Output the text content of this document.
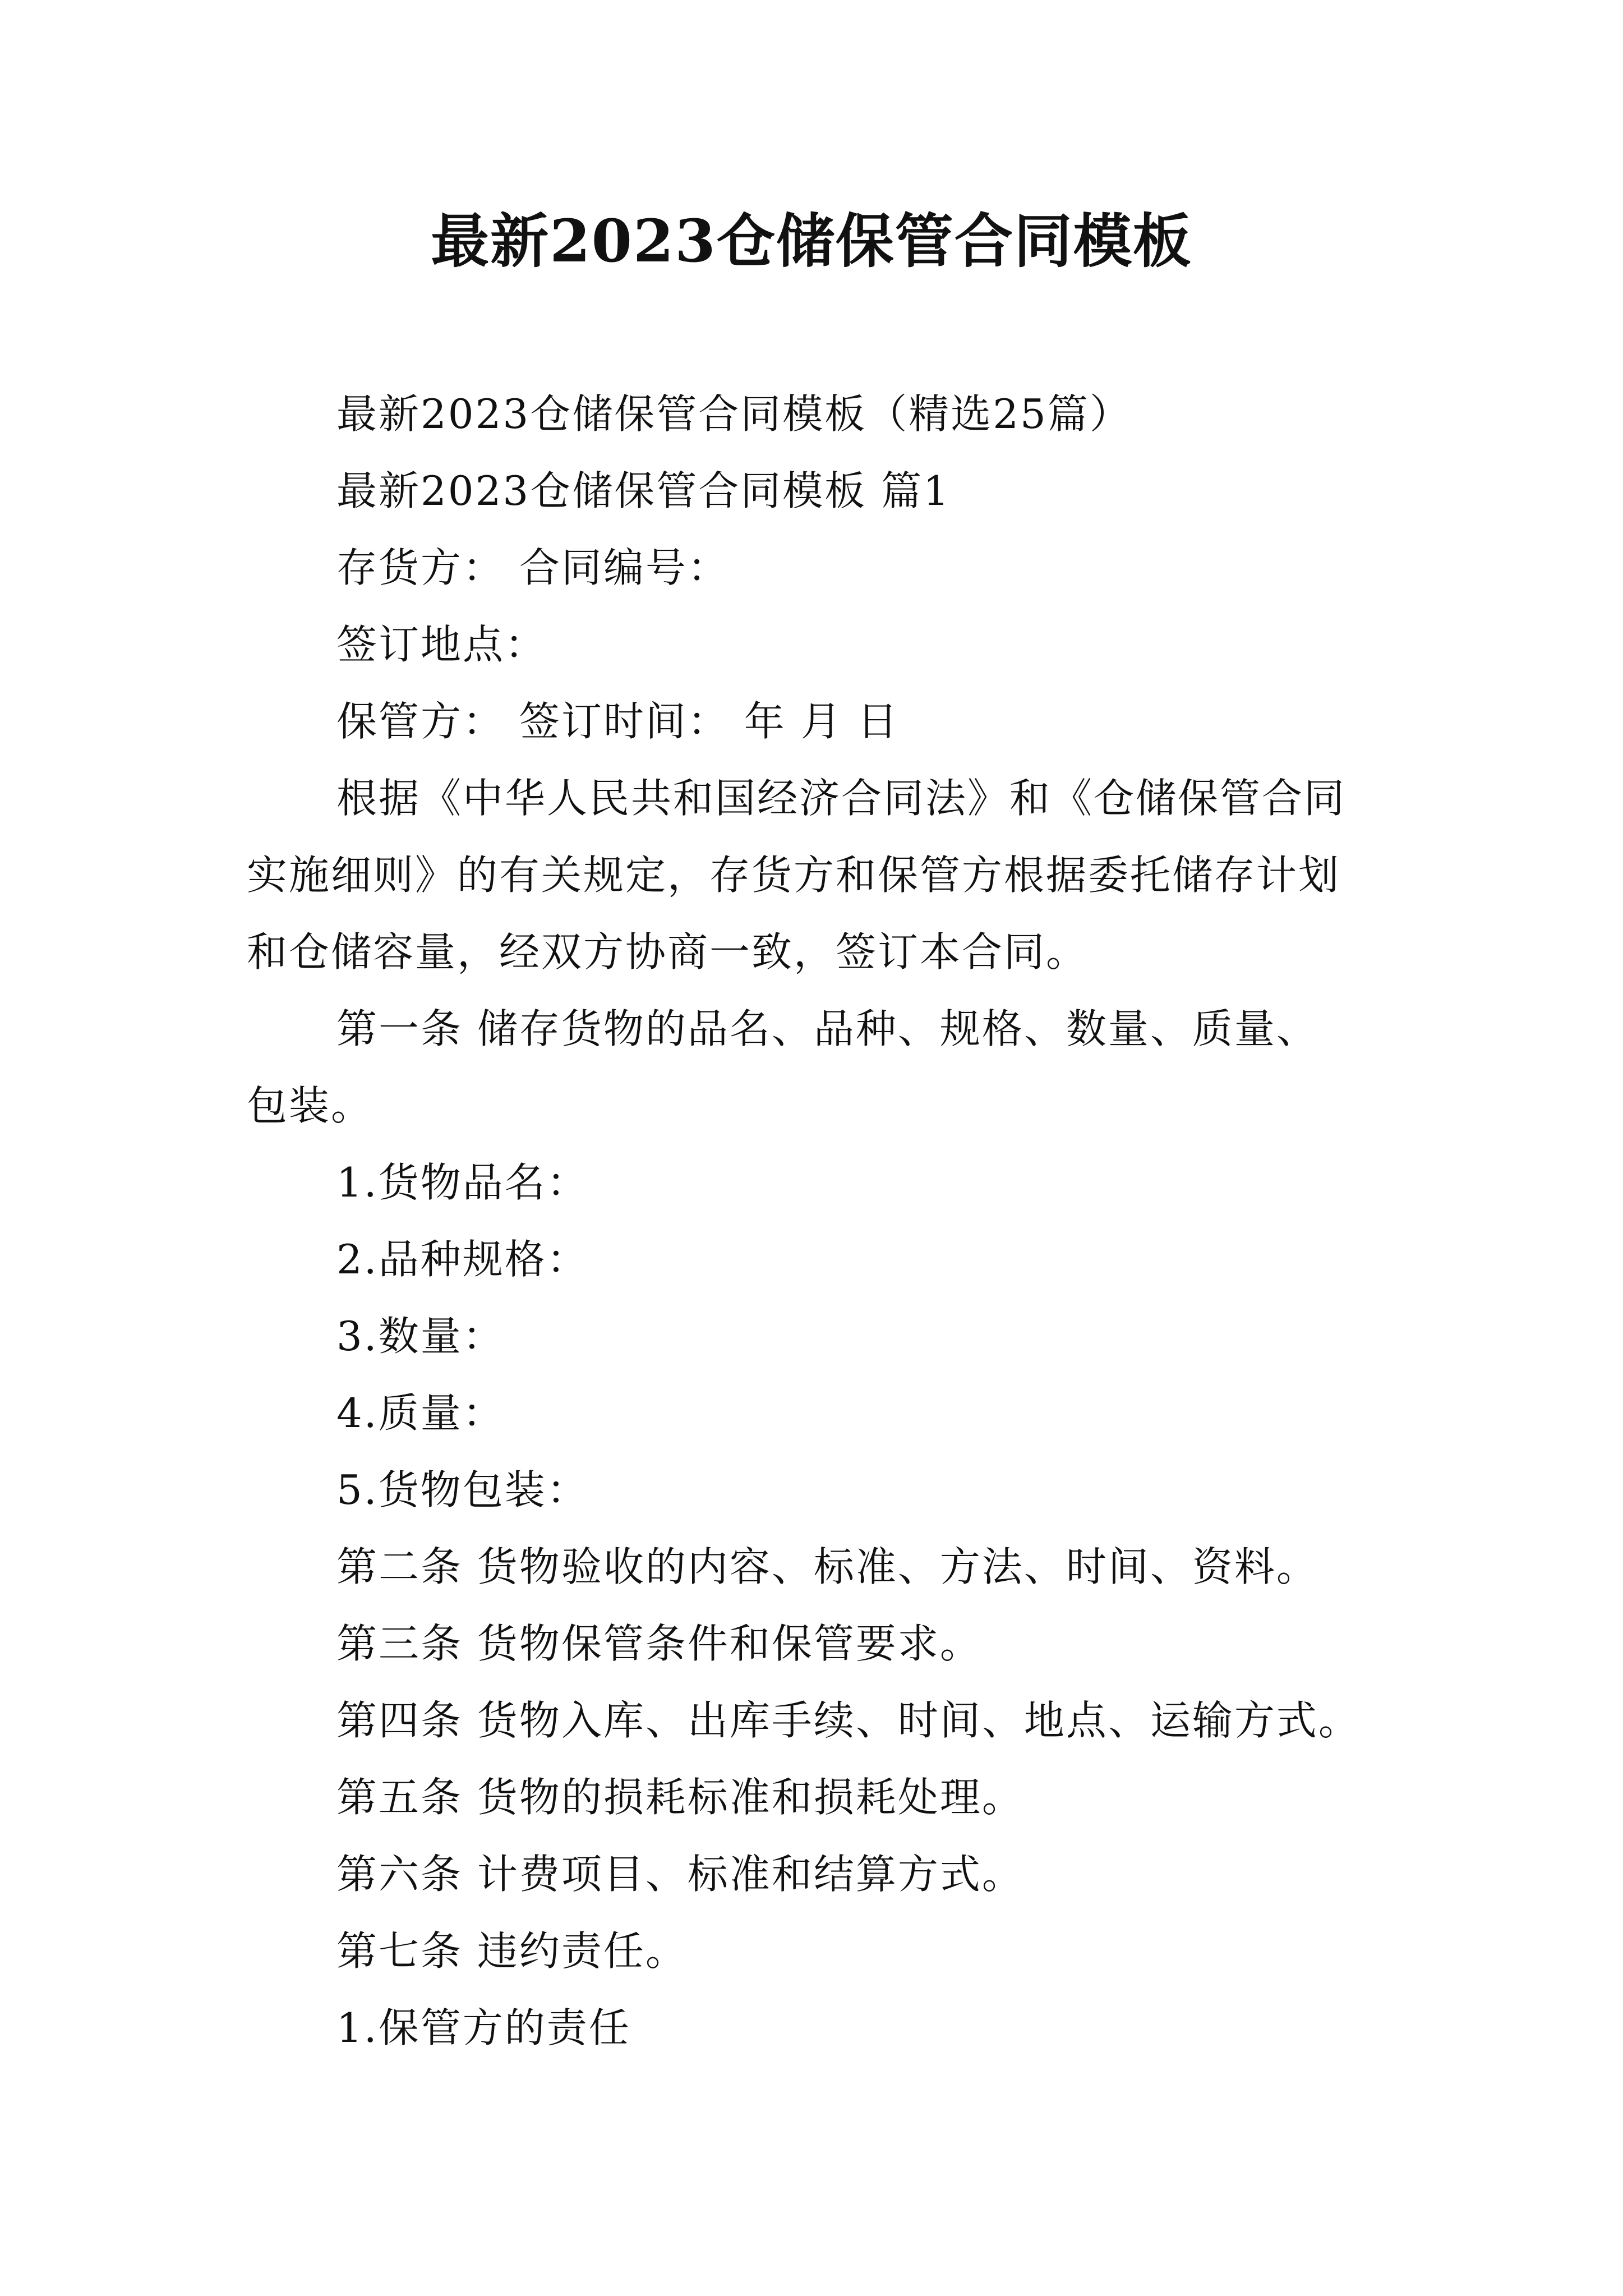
最新2023仓储保管合同模板
最新2023仓储保管合同模板（精选25篇）
最新2023仓储保管合同模板 篇1
存货方： 合同编号：
签订地点：
保管方： 签订时间： 年 月 日
根据《中华人民共和国经济合同法》和《仓储保管合同
实施细则》的有关规定，存货方和保管方根据委托储存计划
和仓储容量，经双方协商一致，签订本合同。
第一条 储存货物的品名、品种、规格、数量、质量、
包装。
1.货物品名：
2.品种规格：
3.数量：
4.质量：
5.货物包装：
第二条 货物验收的内容、标准、方法、时间、资料。
第三条 货物保管条件和保管要求。
第四条 货物入库、出库手续、时间、地点、运输方式。
第五条 货物的损耗标准和损耗处理。
第六条 计费项目、标准和结算方式。
第七条 违约责任。
1.保管方的责任
